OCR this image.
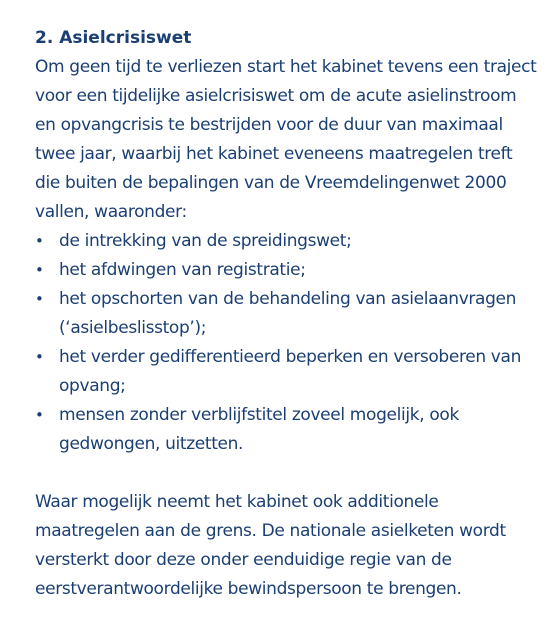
2. Asielcrisiswet

Om geen tijd te verliezen start het kabinet tevens een traject voor een tijdelijke asielcrisiswet om de acute asielinstroom en opvangcrisis te bestrijden voor de duur van maximaal twee jaar, waarbij het kabinet eveneens maatregelen treft die buiten de bepalingen van de Vreemdelingenwet 2000 vallen, waaronder:

• de intrekking van de spreidingswet;
• het afdwingen van registratie;
• het opschorten van de behandeling van asielaanvragen (‘asielbeslisstop’);
• het verder gedifferentieerd beperken en versoberen van opvang;
• mensen zonder verblijfstitel zoveel mogelijk, ook gedwongen, uitzetten.

Waar mogelijk neemt het kabinet ook additionele maatregelen aan de grens. De nationale asielketen wordt versterkt door deze onder eenduidige regie van de eerstverantwoordelijke bewindspersoon te brengen.
